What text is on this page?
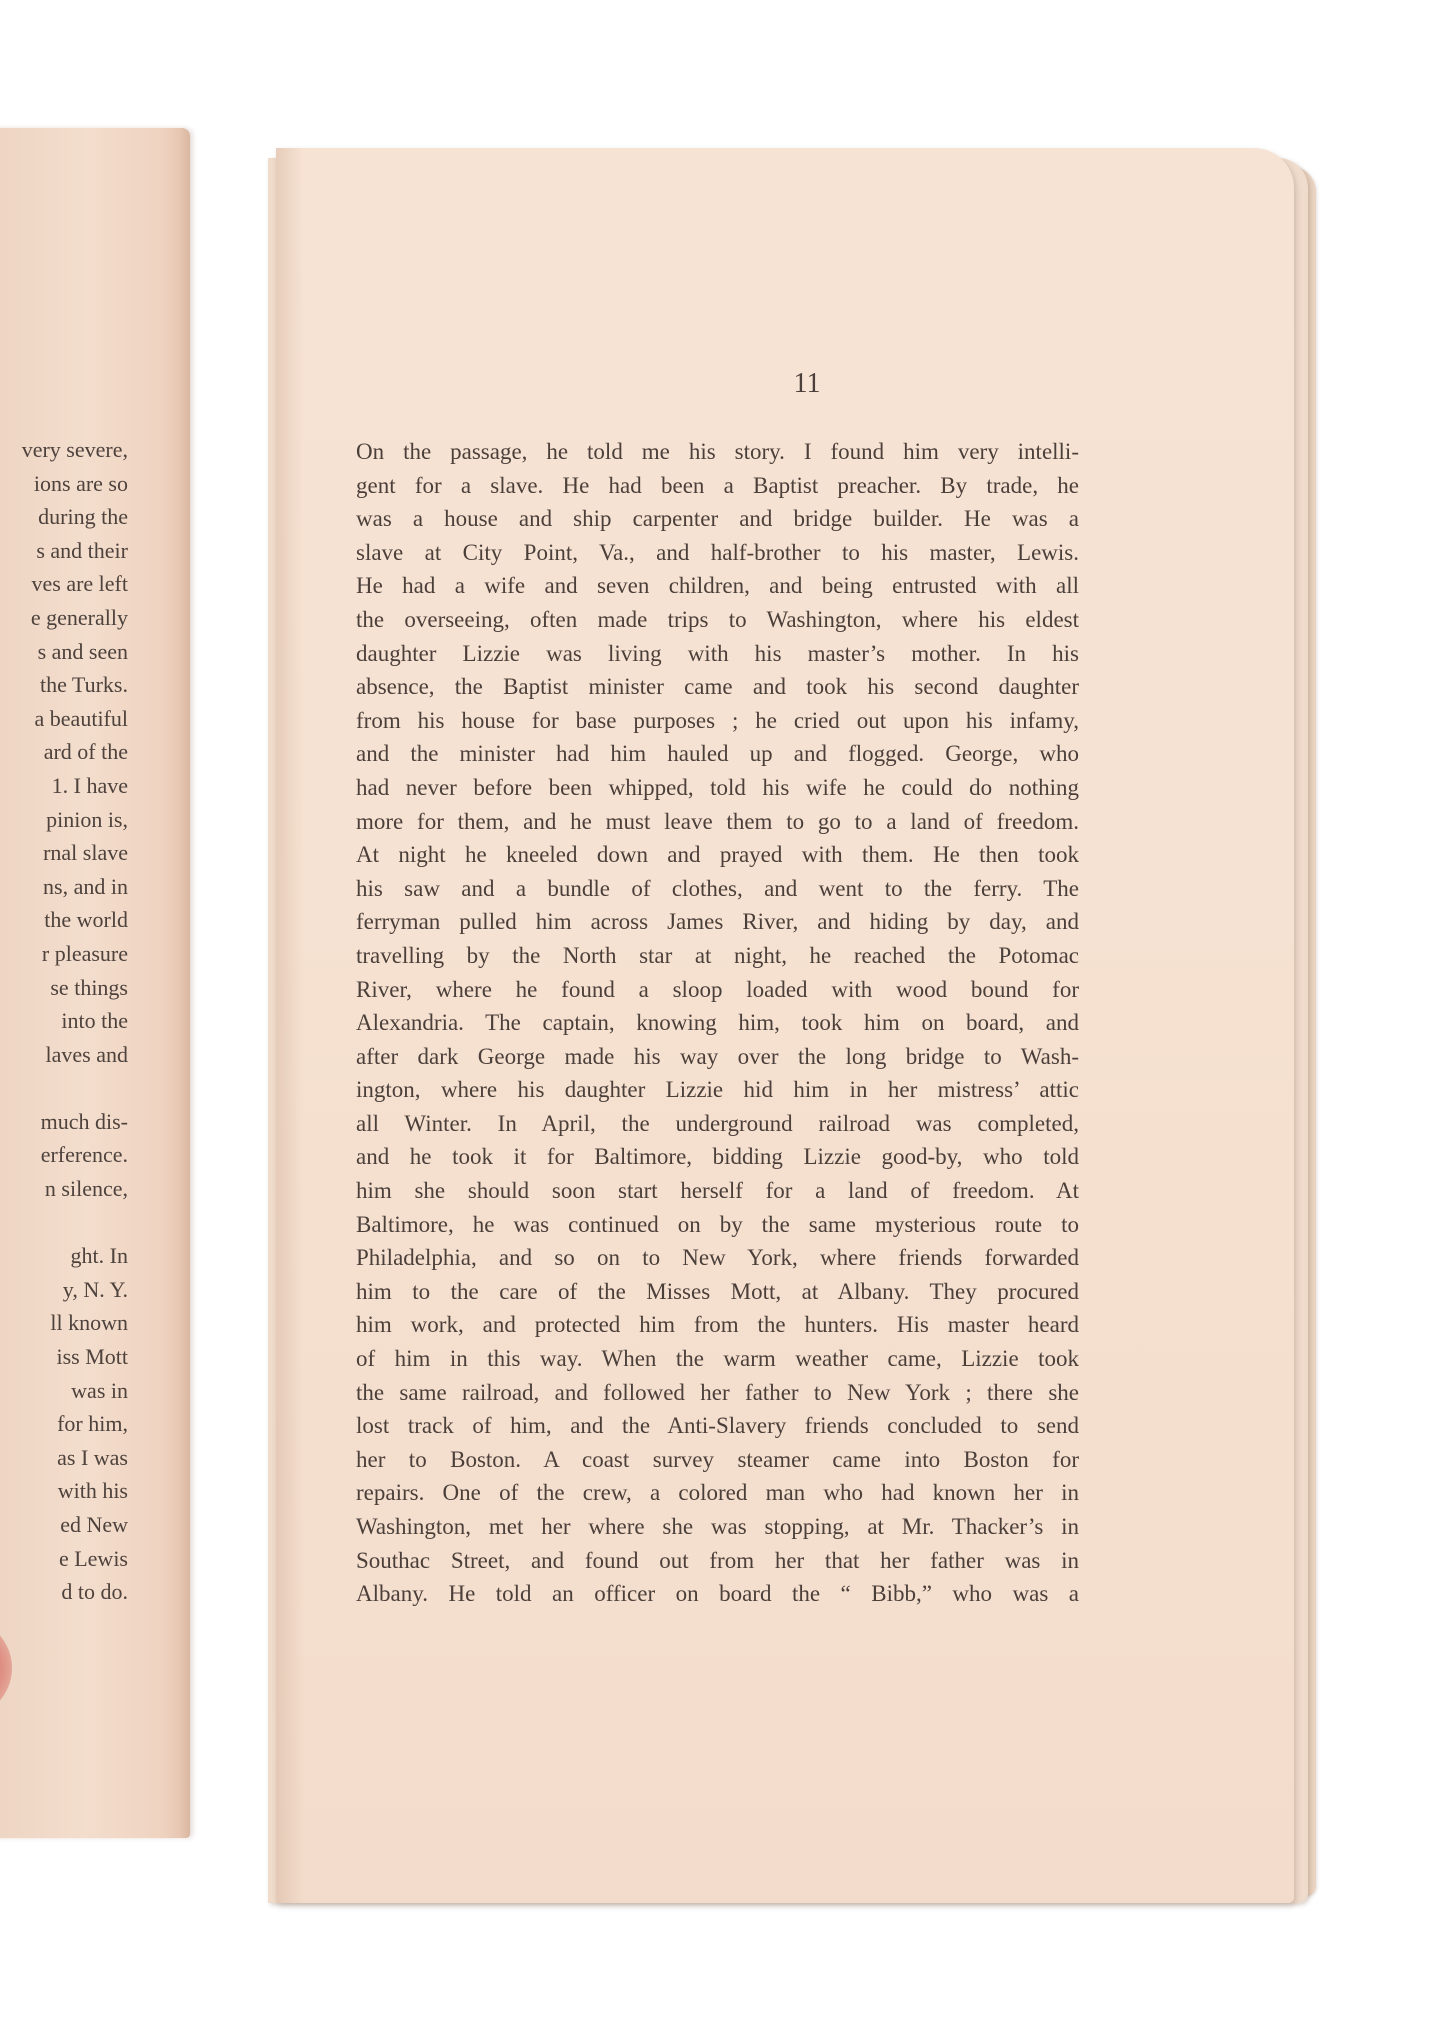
very severe,
ions are so
during the
s and their
ves are left
e generally
s and seen
the Turks.
a beautiful
ard of the
1. I have
pinion is,
rnal slave
ns, and in
the world
r pleasure
se things
into the
laves and
much dis-
erference.
n silence,
ght. In
y, N. Y.
ll known
iss Mott
was in
for him,
as I was
with his
ed New
e Lewis
d to do.
11
On the passage, he told me his story. I found him very intelli-
gent for a slave. He had been a Baptist preacher. By trade, he
was a house and ship carpenter and bridge builder. He was a
slave at City Point, Va., and half-brother to his master, Lewis.
He had a wife and seven children, and being entrusted with all
the overseeing, often made trips to Washington, where his eldest
daughter Lizzie was living with his master’s mother. In his
absence, the Baptist minister came and took his second daughter
from his house for base purposes ; he cried out upon his infamy,
and the minister had him hauled up and flogged. George, who
had never before been whipped, told his wife he could do nothing
more for them, and he must leave them to go to a land of freedom.
At night he kneeled down and prayed with them. He then took
his saw and a bundle of clothes, and went to the ferry. The
ferryman pulled him across James River, and hiding by day, and
travelling by the North star at night, he reached the Potomac
River, where he found a sloop loaded with wood bound for
Alexandria. The captain, knowing him, took him on board, and
after dark George made his way over the long bridge to Wash-
ington, where his daughter Lizzie hid him in her mistress’ attic
all Winter. In April, the underground railroad was completed,
and he took it for Baltimore, bidding Lizzie good-by, who told
him she should soon start herself for a land of freedom. At
Baltimore, he was continued on by the same mysterious route to
Philadelphia, and so on to New York, where friends forwarded
him to the care of the Misses Mott, at Albany. They procured
him work, and protected him from the hunters. His master heard
of him in this way. When the warm weather came, Lizzie took
the same railroad, and followed her father to New York ; there she
lost track of him, and the Anti-Slavery friends concluded to send
her to Boston. A coast survey steamer came into Boston for
repairs. One of the crew, a colored man who had known her in
Washington, met her where she was stopping, at Mr. Thacker’s in
Southac Street, and found out from her that her father was in
Albany. He told an officer on board the “ Bibb,” who was a
